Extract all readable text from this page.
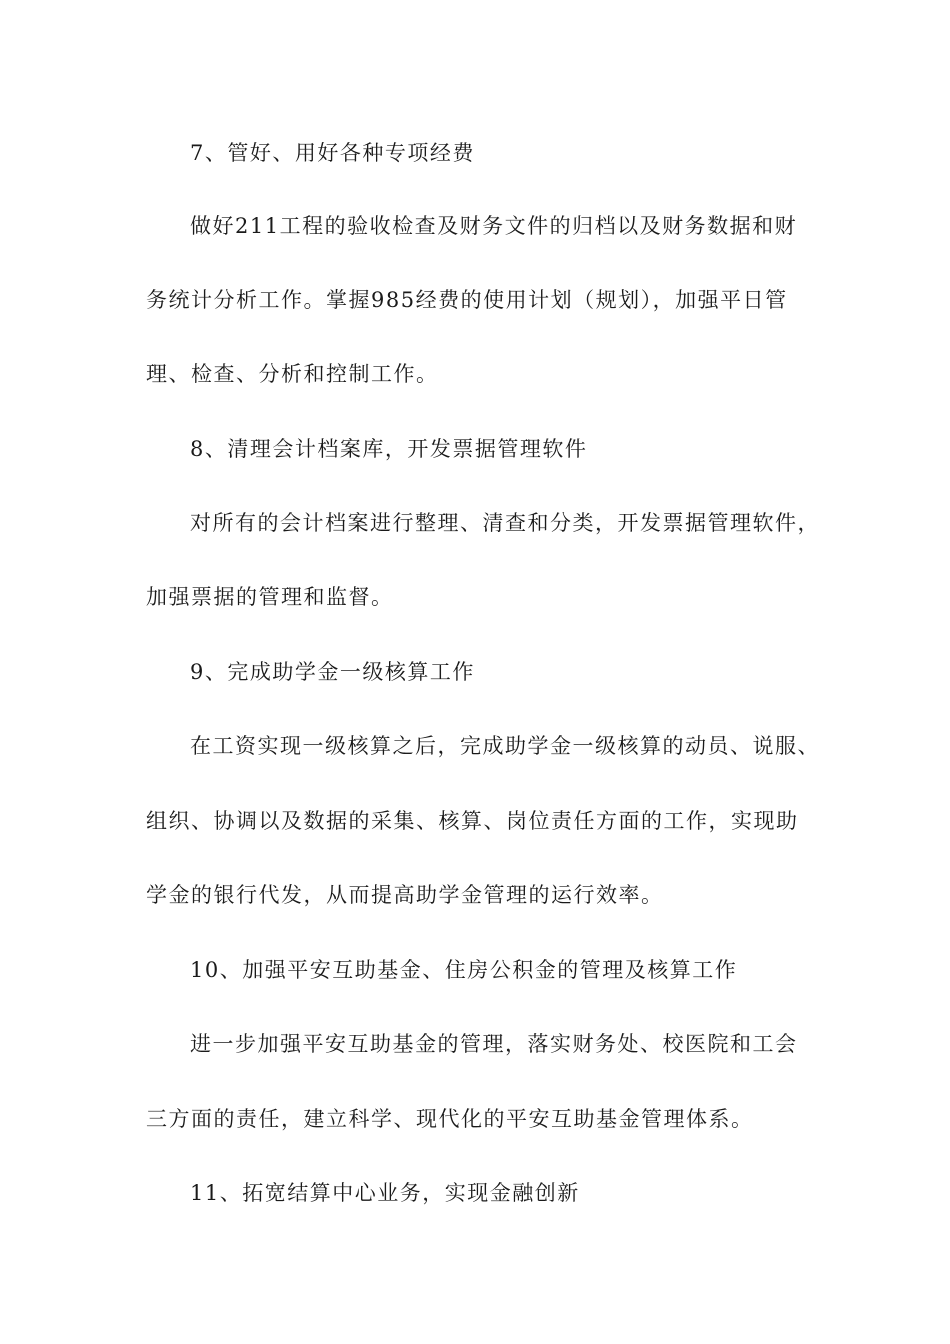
7、管好、用好各种专项经费
做好211工程的验收检查及财务文件的归档以及财务数据和财
务统计分析工作。掌握985经费的使用计划（规划），加强平日管
理、检查、分析和控制工作。
8、清理会计档案库，开发票据管理软件
对所有的会计档案进行整理、清查和分类，开发票据管理软件，
加强票据的管理和监督。
9、完成助学金一级核算工作
在工资实现一级核算之后，完成助学金一级核算的动员、说服、
组织、协调以及数据的采集、核算、岗位责任方面的工作，实现助
学金的银行代发，从而提高助学金管理的运行效率。
10、加强平安互助基金、住房公积金的管理及核算工作
进一步加强平安互助基金的管理，落实财务处、校医院和工会
三方面的责任，建立科学、现代化的平安互助基金管理体系。
11、拓宽结算中心业务，实现金融创新
